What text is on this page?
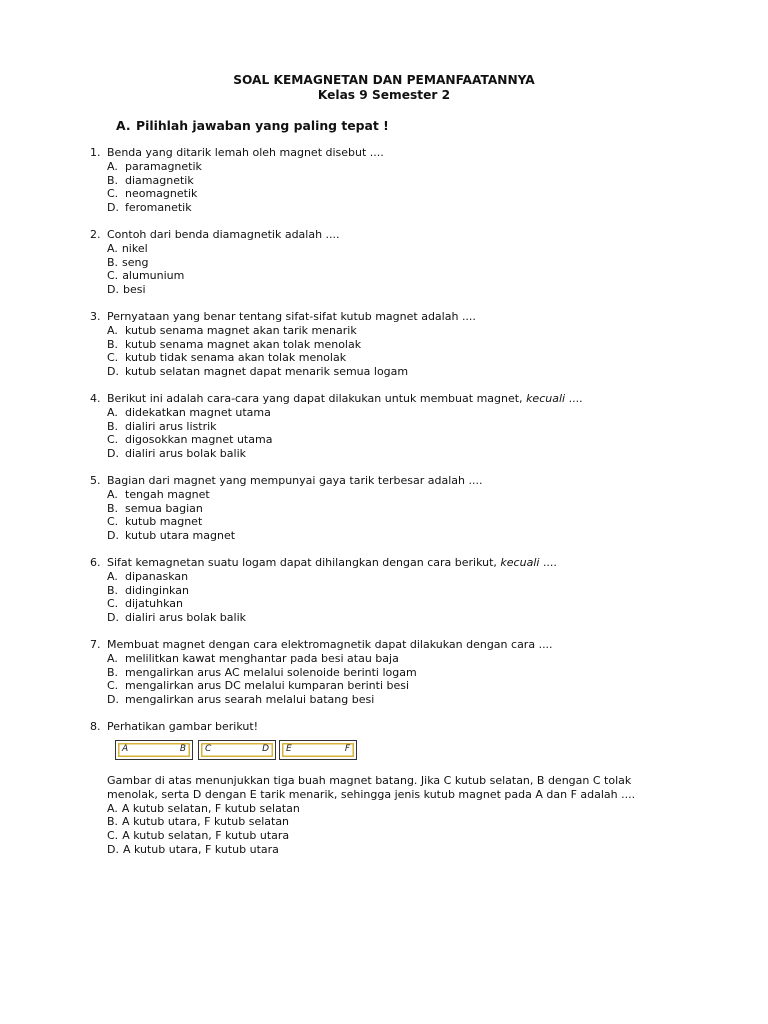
SOAL KEMAGNETAN DAN PEMANFAATANNYA
Kelas 9 Semester 2
A. Pilihlah jawaban yang paling tepat !
1. Benda yang ditarik lemah oleh magnet disebut ....
A. paramagnetik
B. diamagnetik
C. neomagnetik
D. feromanetik
2. Contoh dari benda diamagnetik adalah ....
A. nikel
B. seng
C. alumunium
D. besi
3. Pernyataan yang benar tentang sifat-sifat kutub magnet adalah ....
A. kutub senama magnet akan tarik menarik
B. kutub senama magnet akan tolak menolak
C. kutub tidak senama akan tolak menolak
D. kutub selatan magnet dapat menarik semua logam
4. Berikut ini adalah cara-cara yang dapat dilakukan untuk membuat magnet, kecuali ....
A. didekatkan magnet utama
B. dialiri arus listrik
C. digosokkan magnet utama
D. dialiri arus bolak balik
5. Bagian dari magnet yang mempunyai gaya tarik terbesar adalah ....
A. tengah magnet
B. semua bagian
C. kutub magnet
D. kutub utara magnet
6. Sifat kemagnetan suatu logam dapat dihilangkan dengan cara berikut, kecuali ....
A. dipanaskan
B. didinginkan
C. dijatuhkan
D. dialiri arus bolak balik
7. Membuat magnet dengan cara elektromagnetik dapat dilakukan dengan cara ....
A. melilitkan kawat menghantar pada besi atau baja
B. mengalirkan arus AC melalui solenoide berinti logam
C. mengalirkan arus DC melalui kumparan berinti besi
D. mengalirkan arus searah melalui batang besi
8. Perhatikan gambar berikut!
A	B C	D E	F
Gambar di atas menunjukkan tiga buah magnet batang. Jika C kutub selatan, B dengan C tolak menolak, serta D dengan E tarik menarik, sehingga jenis kutub magnet pada A dan F adalah ....
A. A kutub selatan, F kutub selatan
B. A kutub utara, F kutub selatan
C. A kutub selatan, F kutub utara
D. A kutub utara, F kutub utara
